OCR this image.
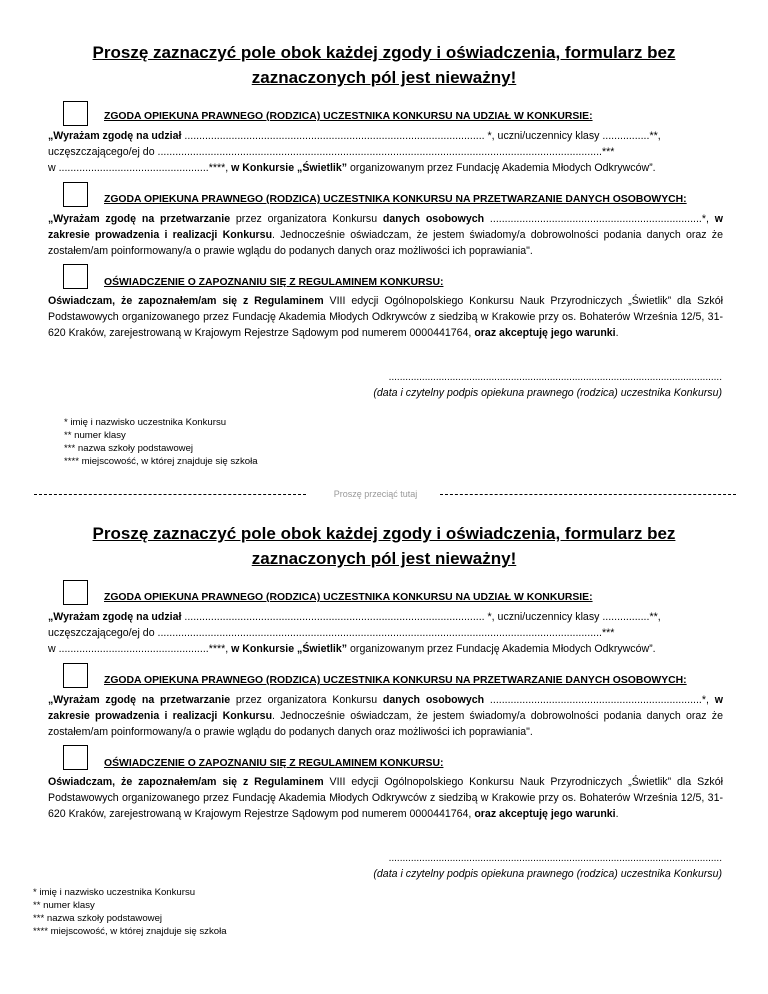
Proszę zaznaczyć pole obok każdej zgody i oświadczenia, formularz bez
zaznaczonych pól jest nieważny!
ZGODA OPIEKUNA PRAWNEGO (RODZICA) UCZESTNIKA KONKURSU NA UDZIAŁ W KONKURSIE:
„Wyrażam zgodę na udział ...................................................................................................... *, uczni/uczennicy klasy ................**,
uczęszczającego/ej do .......................................................................................................................................................***
w ...................................................****, w Konkursie „Świetlik” organizowanym przez Fundację Akademia Młodych Odkrywców”.
ZGODA OPIEKUNA PRAWNEGO (RODZICA) UCZESTNIKA KONKURSU NA PRZETWARZANIE DANYCH OSOBOWYCH:
„Wyrażam zgodę na przetwarzanie przez organizatora Konkursu danych osobowych ........................................................................*, w zakresie prowadzenia i realizacji Konkursu. Jednocześnie oświadczam, że jestem świadomy/a dobrowolności podania danych oraz że zostałem/am poinformowany/a o prawie wglądu do podanych danych oraz możliwości ich poprawiania".
OŚWIADCZENIE O ZAPOZNANIU SIĘ Z REGULAMINEM KONKURSU:
Oświadczam, że zapoznałem/am się z Regulaminem VIII edycji Ogólnopolskiego Konkursu Nauk Przyrodniczych „Świetlik” dla Szkół Podstawowych organizowanego przez Fundację Akademia Młodych Odkrywców z siedzibą w Krakowie przy os. Bohaterów Września 12/5, 31-620 Kraków, zarejestrowaną w Krajowym Rejestrze Sądowym pod numerem 0000441764, oraz akceptuję jego warunki.
........................................................................................................................
(data i czytelny podpis opiekuna prawnego (rodzica) uczestnika Konkursu)
* imię i nazwisko uczestnika Konkursu
** numer klasy
*** nazwa szkoły podstawowej
**** miejscowość, w której znajduje się szkoła
Proszę przeciąć tutaj
Proszę zaznaczyć pole obok każdej zgody i oświadczenia, formularz bez
zaznaczonych pól jest nieważny!
ZGODA OPIEKUNA PRAWNEGO (RODZICA) UCZESTNIKA KONKURSU NA UDZIAŁ W KONKURSIE:
„Wyrażam zgodę na udział ...................................................................................................... *, uczni/uczennicy klasy ................**,
uczęszczającego/ej do .......................................................................................................................................................***
w ...................................................****, w Konkursie „Świetlik” organizowanym przez Fundację Akademia Młodych Odkrywców”.
ZGODA OPIEKUNA PRAWNEGO (RODZICA) UCZESTNIKA KONKURSU NA PRZETWARZANIE DANYCH OSOBOWYCH:
„Wyrażam zgodę na przetwarzanie przez organizatora Konkursu danych osobowych ........................................................................*, w zakresie prowadzenia i realizacji Konkursu. Jednocześnie oświadczam, że jestem świadomy/a dobrowolności podania danych oraz że zostałem/am poinformowany/a o prawie wglądu do podanych danych oraz możliwości ich poprawiania".
OŚWIADCZENIE O ZAPOZNANIU SIĘ Z REGULAMINEM KONKURSU:
Oświadczam, że zapoznałem/am się z Regulaminem VIII edycji Ogólnopolskiego Konkursu Nauk Przyrodniczych „Świetlik” dla Szkół Podstawowych organizowanego przez Fundację Akademia Młodych Odkrywców z siedzibą w Krakowie przy os. Bohaterów Września 12/5, 31-620 Kraków, zarejestrowaną w Krajowym Rejestrze Sądowym pod numerem 0000441764, oraz akceptuję jego warunki.
........................................................................................................................
(data i czytelny podpis opiekuna prawnego (rodzica) uczestnika Konkursu)
* imię i nazwisko uczestnika Konkursu
** numer klasy
*** nazwa szkoły podstawowej
**** miejscowość, w której znajduje się szkoła
